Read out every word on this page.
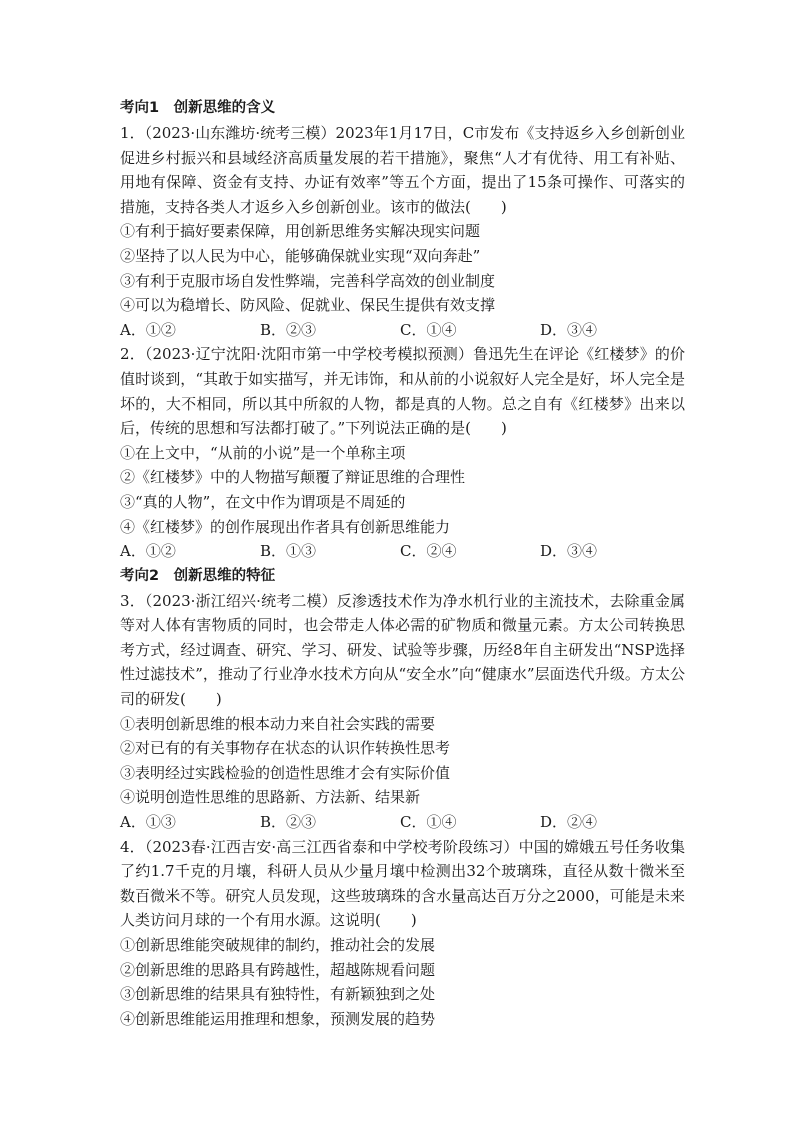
考向1　创新思维的含义

1．（2023·山东潍坊·统考三模）2023年1月17日，C市发布《支持返乡入乡创新创业促进乡村振兴和县域经济高质量发展的若干措施》，聚焦“人才有优待、用工有补贴、用地有保障、资金有支持、办证有效率”等五个方面，提出了15条可操作、可落实的措施，支持各类人才返乡入乡创新创业。该市的做法(　　)

①有利于搞好要素保障，用创新思维务实解决现实问题

②坚持了以人民为中心，能够确保就业实现“双向奔赴”

③有利于克服市场自发性弊端，完善科学高效的创业制度

④可以为稳增长、防风险、促就业、保民生提供有效支撑

A．①②	B．②③	C．①④	D．③④

2．（2023·辽宁沈阳·沈阳市第一中学校考模拟预测）鲁迅先生在评论《红楼梦》的价值时谈到，“其敢于如实描写，并无讳饰，和从前的小说叙好人完全是好，坏人完全是坏的，大不相同，所以其中所叙的人物，都是真的人物。总之自有《红楼梦》出来以后，传统的思想和写法都打破了。”下列说法正确的是(　　)

①在上文中，“从前的小说”是一个单称主项

②《红楼梦》中的人物描写颠覆了辩证思维的合理性

③“真的人物”，在文中作为谓项是不周延的

④《红楼梦》的创作展现出作者具有创新思维能力

A．①②	B．①③	C．②④	D．③④

考向2　创新思维的特征

3．（2023·浙江绍兴·统考二模）反渗透技术作为净水机行业的主流技术，去除重金属等对人体有害物质的同时，也会带走人体必需的矿物质和微量元素。方太公司转换思考方式，经过调查、研究、学习、研发、试验等步骤，历经8年自主研发出“NSP选择性过滤技术”，推动了行业净水技术方向从“安全水”向“健康水”层面迭代升级。方太公司的研发(　　)

①表明创新思维的根本动力来自社会实践的需要

②对已有的有关事物存在状态的认识作转换性思考

③表明经过实践检验的创造性思维才会有实际价值

④说明创造性思维的思路新、方法新、结果新

A．①③	B．②③	C．①④	D．②④

4．（2023春·江西吉安·高三江西省泰和中学校考阶段练习）中国的嫦娥五号任务收集了约1.7千克的月壤，科研人员从少量月壤中检测出32个玻璃珠，直径从数十微米至数百微米不等。研究人员发现，这些玻璃珠的含水量高达百万分之2000，可能是未来人类访问月球的一个有用水源。这说明(　　)

①创新思维能突破规律的制约，推动社会的发展

②创新思维的思路具有跨越性，超越陈规看问题

③创新思维的结果具有独特性，有新颖独到之处

④创新思维能运用推理和想象，预测发展的趋势
